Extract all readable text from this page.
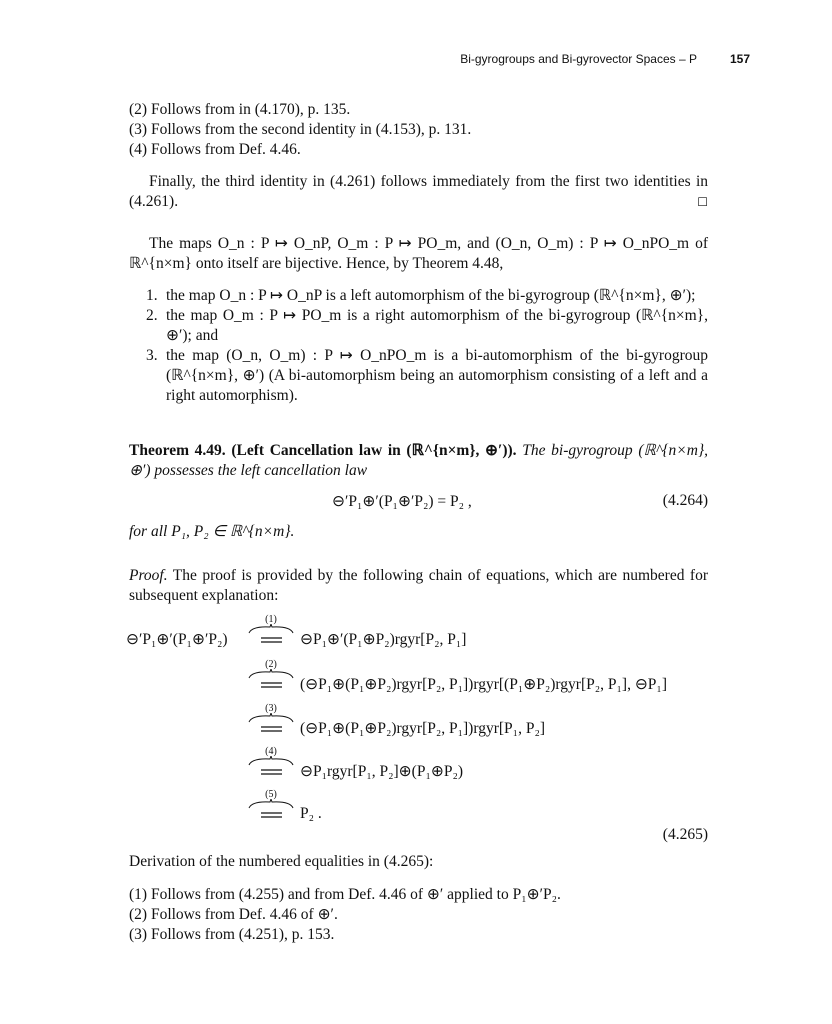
Bi-gyrogroups and Bi-gyrovector Spaces – P	157
(2) Follows from in (4.170), p. 135.
(3) Follows from the second identity in (4.153), p. 131.
(4) Follows from Def. 4.46.
Finally, the third identity in (4.261) follows immediately from the first two identities in (4.261).	☐
The maps O_n : P ↦ O_nP, O_m : P ↦ PO_m, and (O_n, O_m) : P ↦ O_nPO_m of ℝ^{n×m} onto itself are bijective. Hence, by Theorem 4.48,
1. the map O_n : P ↦ O_nP is a left automorphism of the bi-gyrogroup (ℝ^{n×m}, ⊕′);
2. the map O_m : P ↦ PO_m is a right automorphism of the bi-gyrogroup (ℝ^{n×m}, ⊕′); and
3. the map (O_n, O_m) : P ↦ O_nPO_m is a bi-automorphism of the bi-gyrogroup (ℝ^{n×m}, ⊕′) (A bi-automorphism being an automorphism consisting of a left and a right automorphism).
Theorem 4.49. (Left Cancellation law in (ℝ^{n×m}, ⊕′)). The bi-gyrogroup (ℝ^{n×m}, ⊕′) possesses the left cancellation law
⊖′P₁⊕′(P₁⊕′P₂) = P₂ ,	(4.264)
for all P₁, P₂ ∈ ℝ^{n×m}.
Proof. The proof is provided by the following chain of equations, which are numbered for subsequent explanation:
⊖′P₁⊕′(P₁⊕′P₂)
(1)
⊖P₁⊕′(P₁⊕P₂)rgyr[P₂, P₁]
(2)
(⊖P₁⊕(P₁⊕P₂)rgyr[P₂, P₁])rgyr[(P₁⊕P₂)rgyr[P₂, P₁], ⊖P₁]
(3)
(⊖P₁⊕(P₁⊕P₂)rgyr[P₂, P₁])rgyr[P₁, P₂]
(4)
⊖P₁rgyr[P₁, P₂]⊕(P₁⊕P₂)
(5)
P₂ .
(4.265)
Derivation of the numbered equalities in (4.265):
(1) Follows from (4.255) and from Def. 4.46 of ⊕′ applied to P₁⊕′P₂.
(2) Follows from Def. 4.46 of ⊕′.
(3) Follows from (4.251), p. 153.
